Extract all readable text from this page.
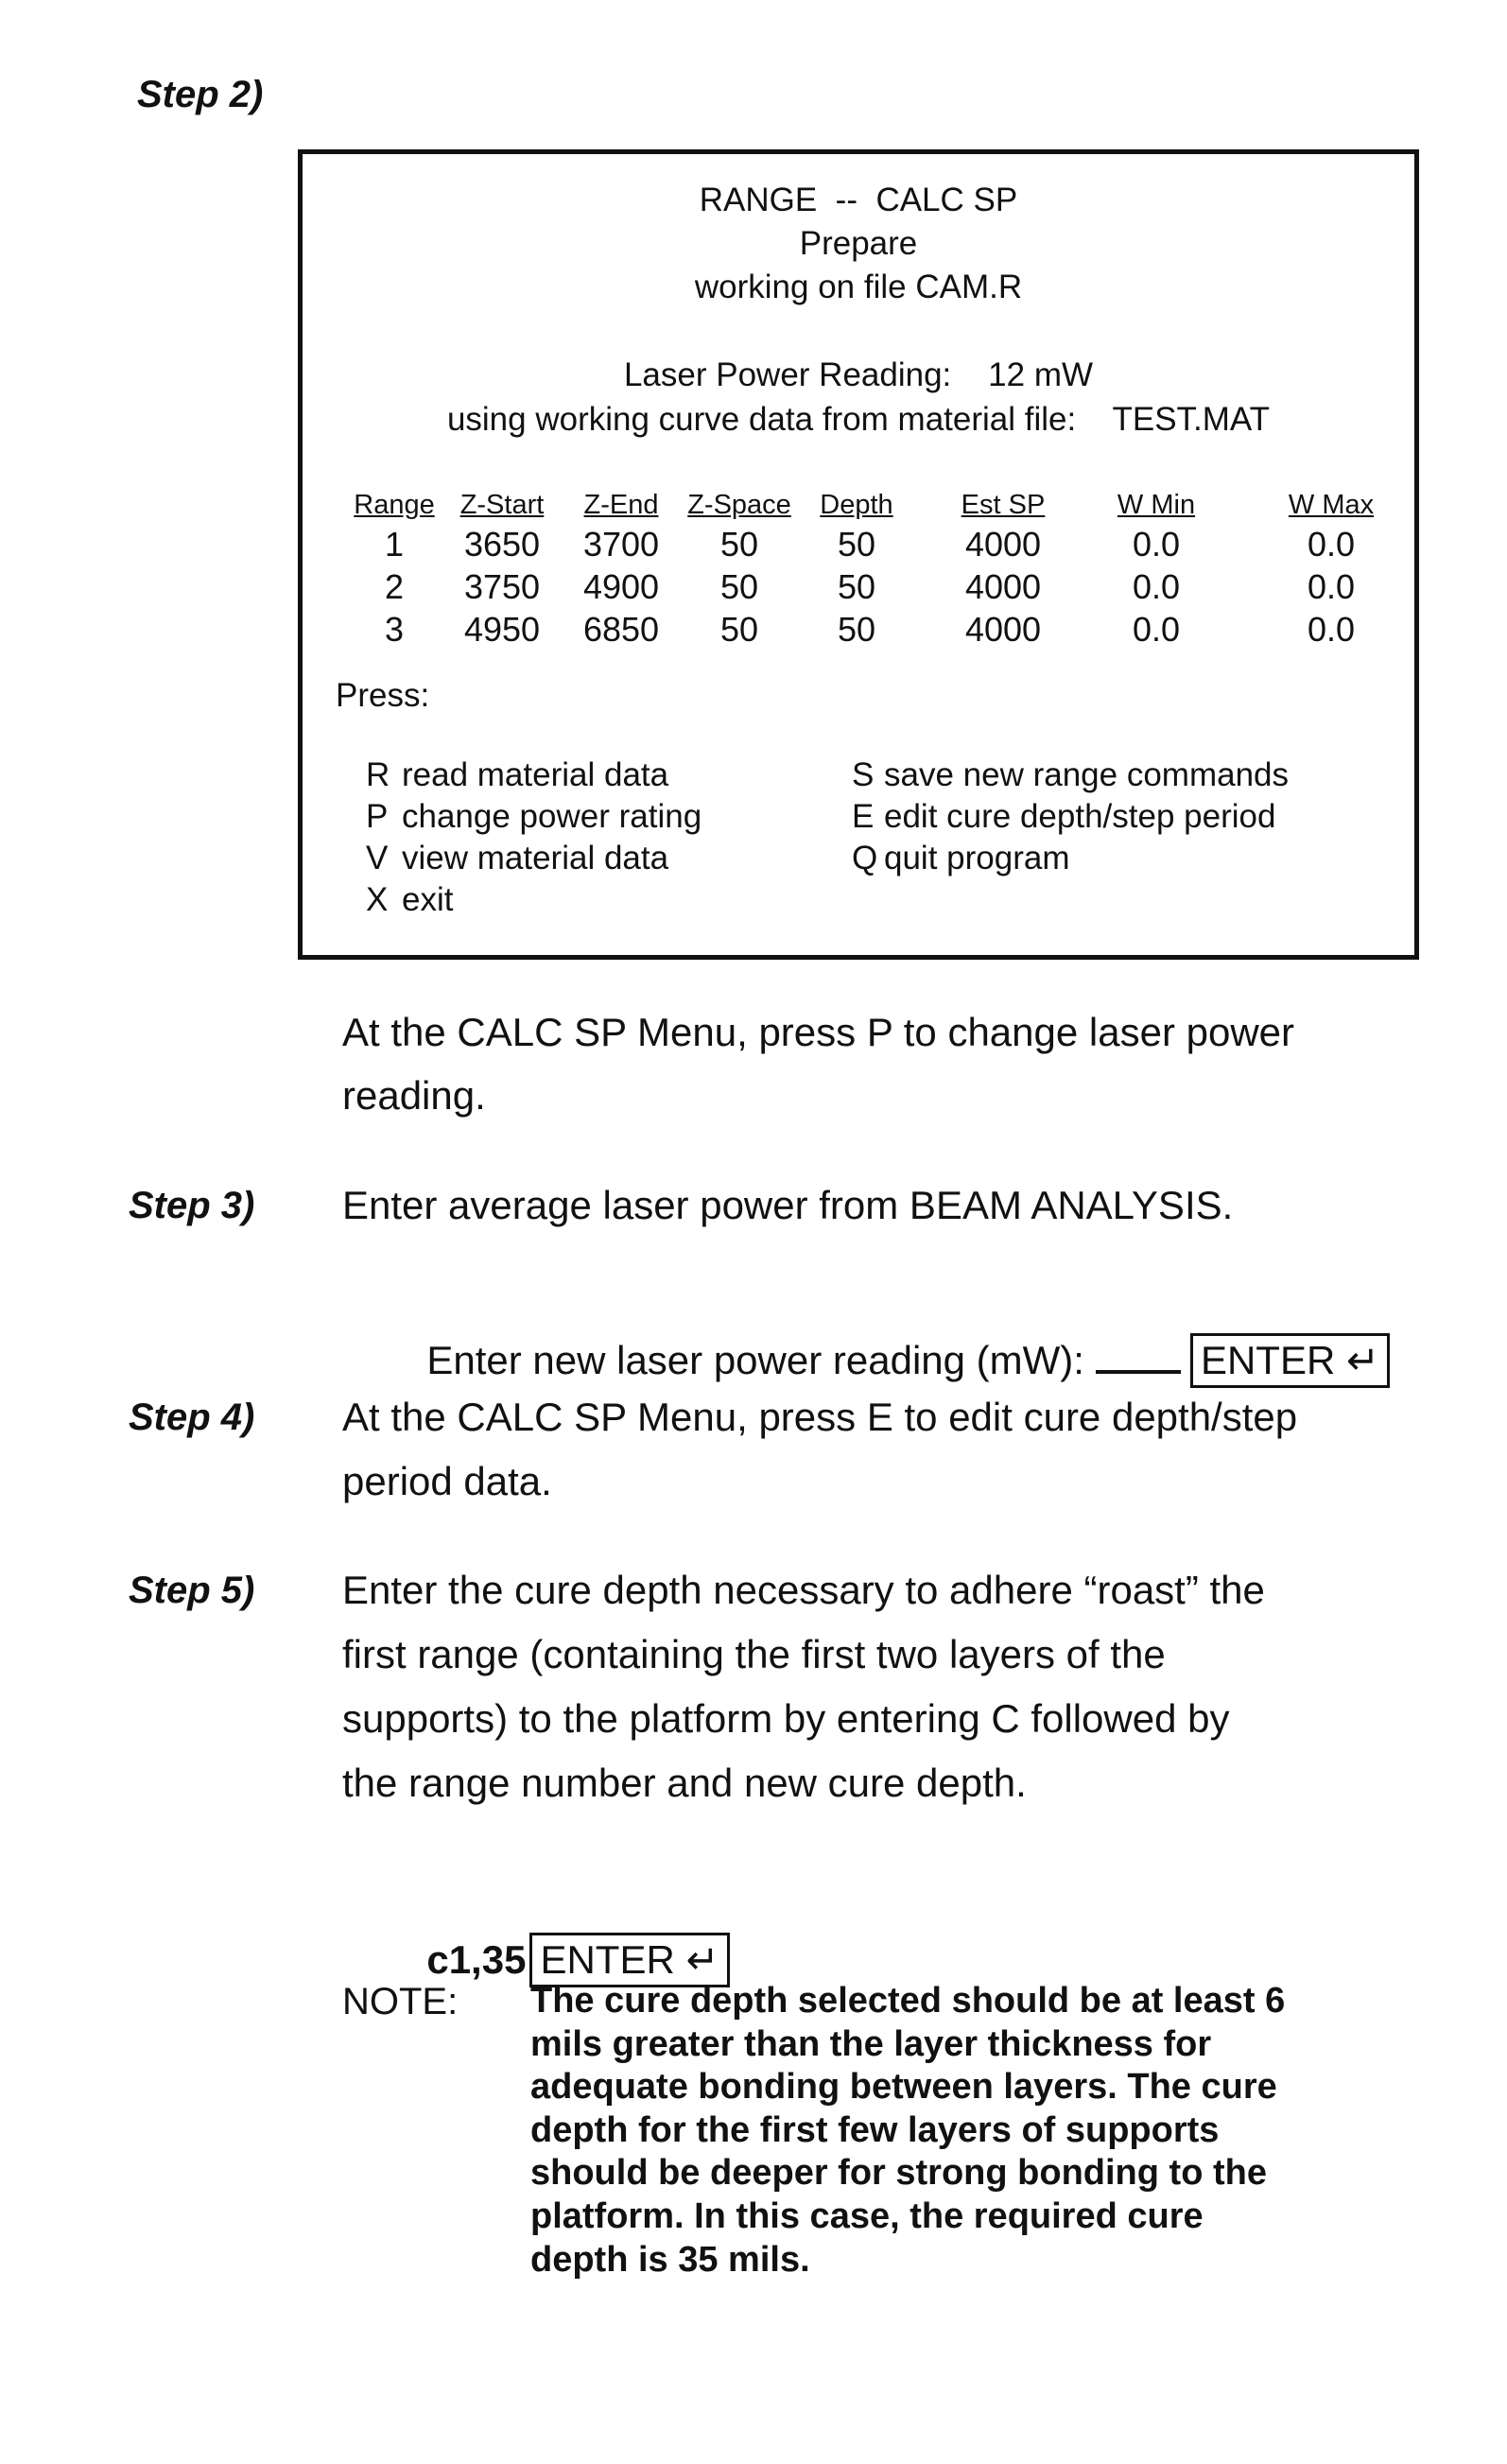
Step 2)
RANGE  --  CALC SP
Prepare
working on file CAM.R
Laser Power Reading:    12 mW
using working curve data from material file:    TEST.MAT
Range Z-Start Z-End Z-Space Depth Est SP	W Min	W Max
1 3650 3700 50 50	4000	0.0	0.0
2 3750 4900 50 50	4000	0.0	0.0
3 4950 6850 50 50	4000	0.0	0.0
Press:
R read material data
P change power rating
V view material data
X exit
S save new range commands
E edit cure depth/step period
Q quit program
At the CALC SP Menu, press P to change laser power
reading.
Step 3) Enter average laser power from BEAM ANALYSIS.

Enter new laser power reading (mW):	ENTER ↵

Step 4) At the CALC SP Menu, press E to edit cure depth/step
period data.
Step 5) Enter the cure depth necessary to adhere “roast” the
first range (containing the first two layers of the
supports) to the platform by entering C followed by
the range number and new cure depth.

c1,35 ENTER ↵

NOTE: The cure depth selected should be at least 6
mils greater than the layer thickness for
adequate bonding between layers. The cure
depth for the first few layers of supports
should be deeper for strong bonding to the
platform. In this case, the required cure
depth is 35 mils.
